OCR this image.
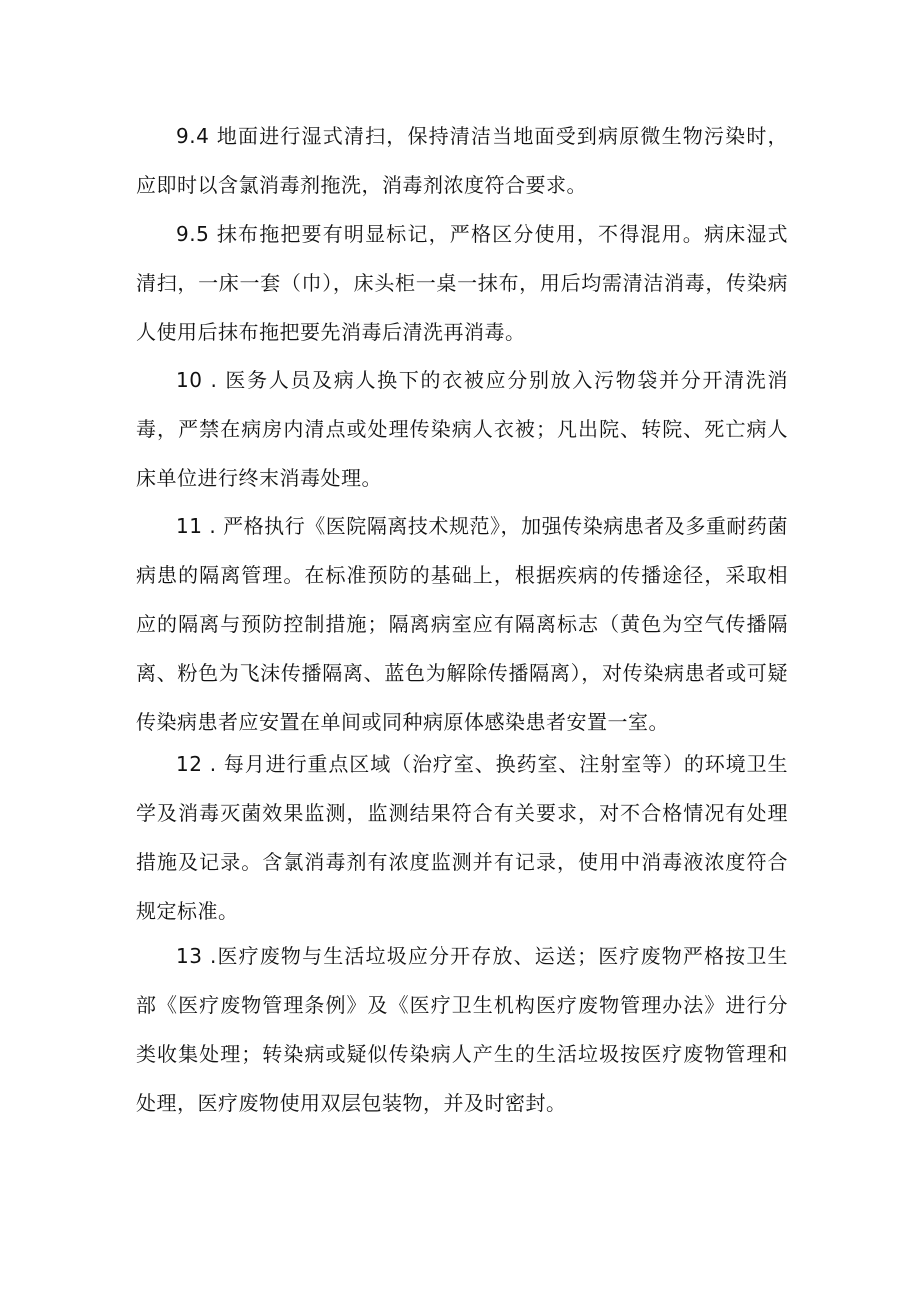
9.4 地面进行湿式清扫，保持清洁当地面受到病原微生物污染时，应即时以含氯消毒剂拖洗，消毒剂浓度符合要求。

9.5 抹布拖把要有明显标记，严格区分使用，不得混用。病床湿式清扫，一床一套（巾），床头柜一桌一抹布，用后均需清洁消毒，传染病人使用后抹布拖把要先消毒后清洗再消毒。

10 . 医务人员及病人换下的衣被应分别放入污物袋并分开清洗消毒，严禁在病房内清点或处理传染病人衣被；凡出院、转院、死亡病人床单位进行终末消毒处理。

11 . 严格执行《医院隔离技术规范》，加强传染病患者及多重耐药菌病患的隔离管理。在标准预防的基础上，根据疾病的传播途径，采取相应的隔离与预防控制措施；隔离病室应有隔离标志（黄色为空气传播隔离、粉色为飞沫传播隔离、蓝色为解除传播隔离），对传染病患者或可疑传染病患者应安置在单间或同种病原体感染患者安置一室。

12 . 每月进行重点区域（治疗室、换药室、注射室等）的环境卫生学及消毒灭菌效果监测，监测结果符合有关要求，对不合格情况有处理措施及记录。含氯消毒剂有浓度监测并有记录，使用中消毒液浓度符合规定标准。

13 .医疗废物与生活垃圾应分开存放、运送；医疗废物严格按卫生部《医疗废物管理条例》及《医疗卫生机构医疗废物管理办法》进行分类收集处理；转染病或疑似传染病人产生的生活垃圾按医疗废物管理和处理，医疗废物使用双层包装物，并及时密封。
